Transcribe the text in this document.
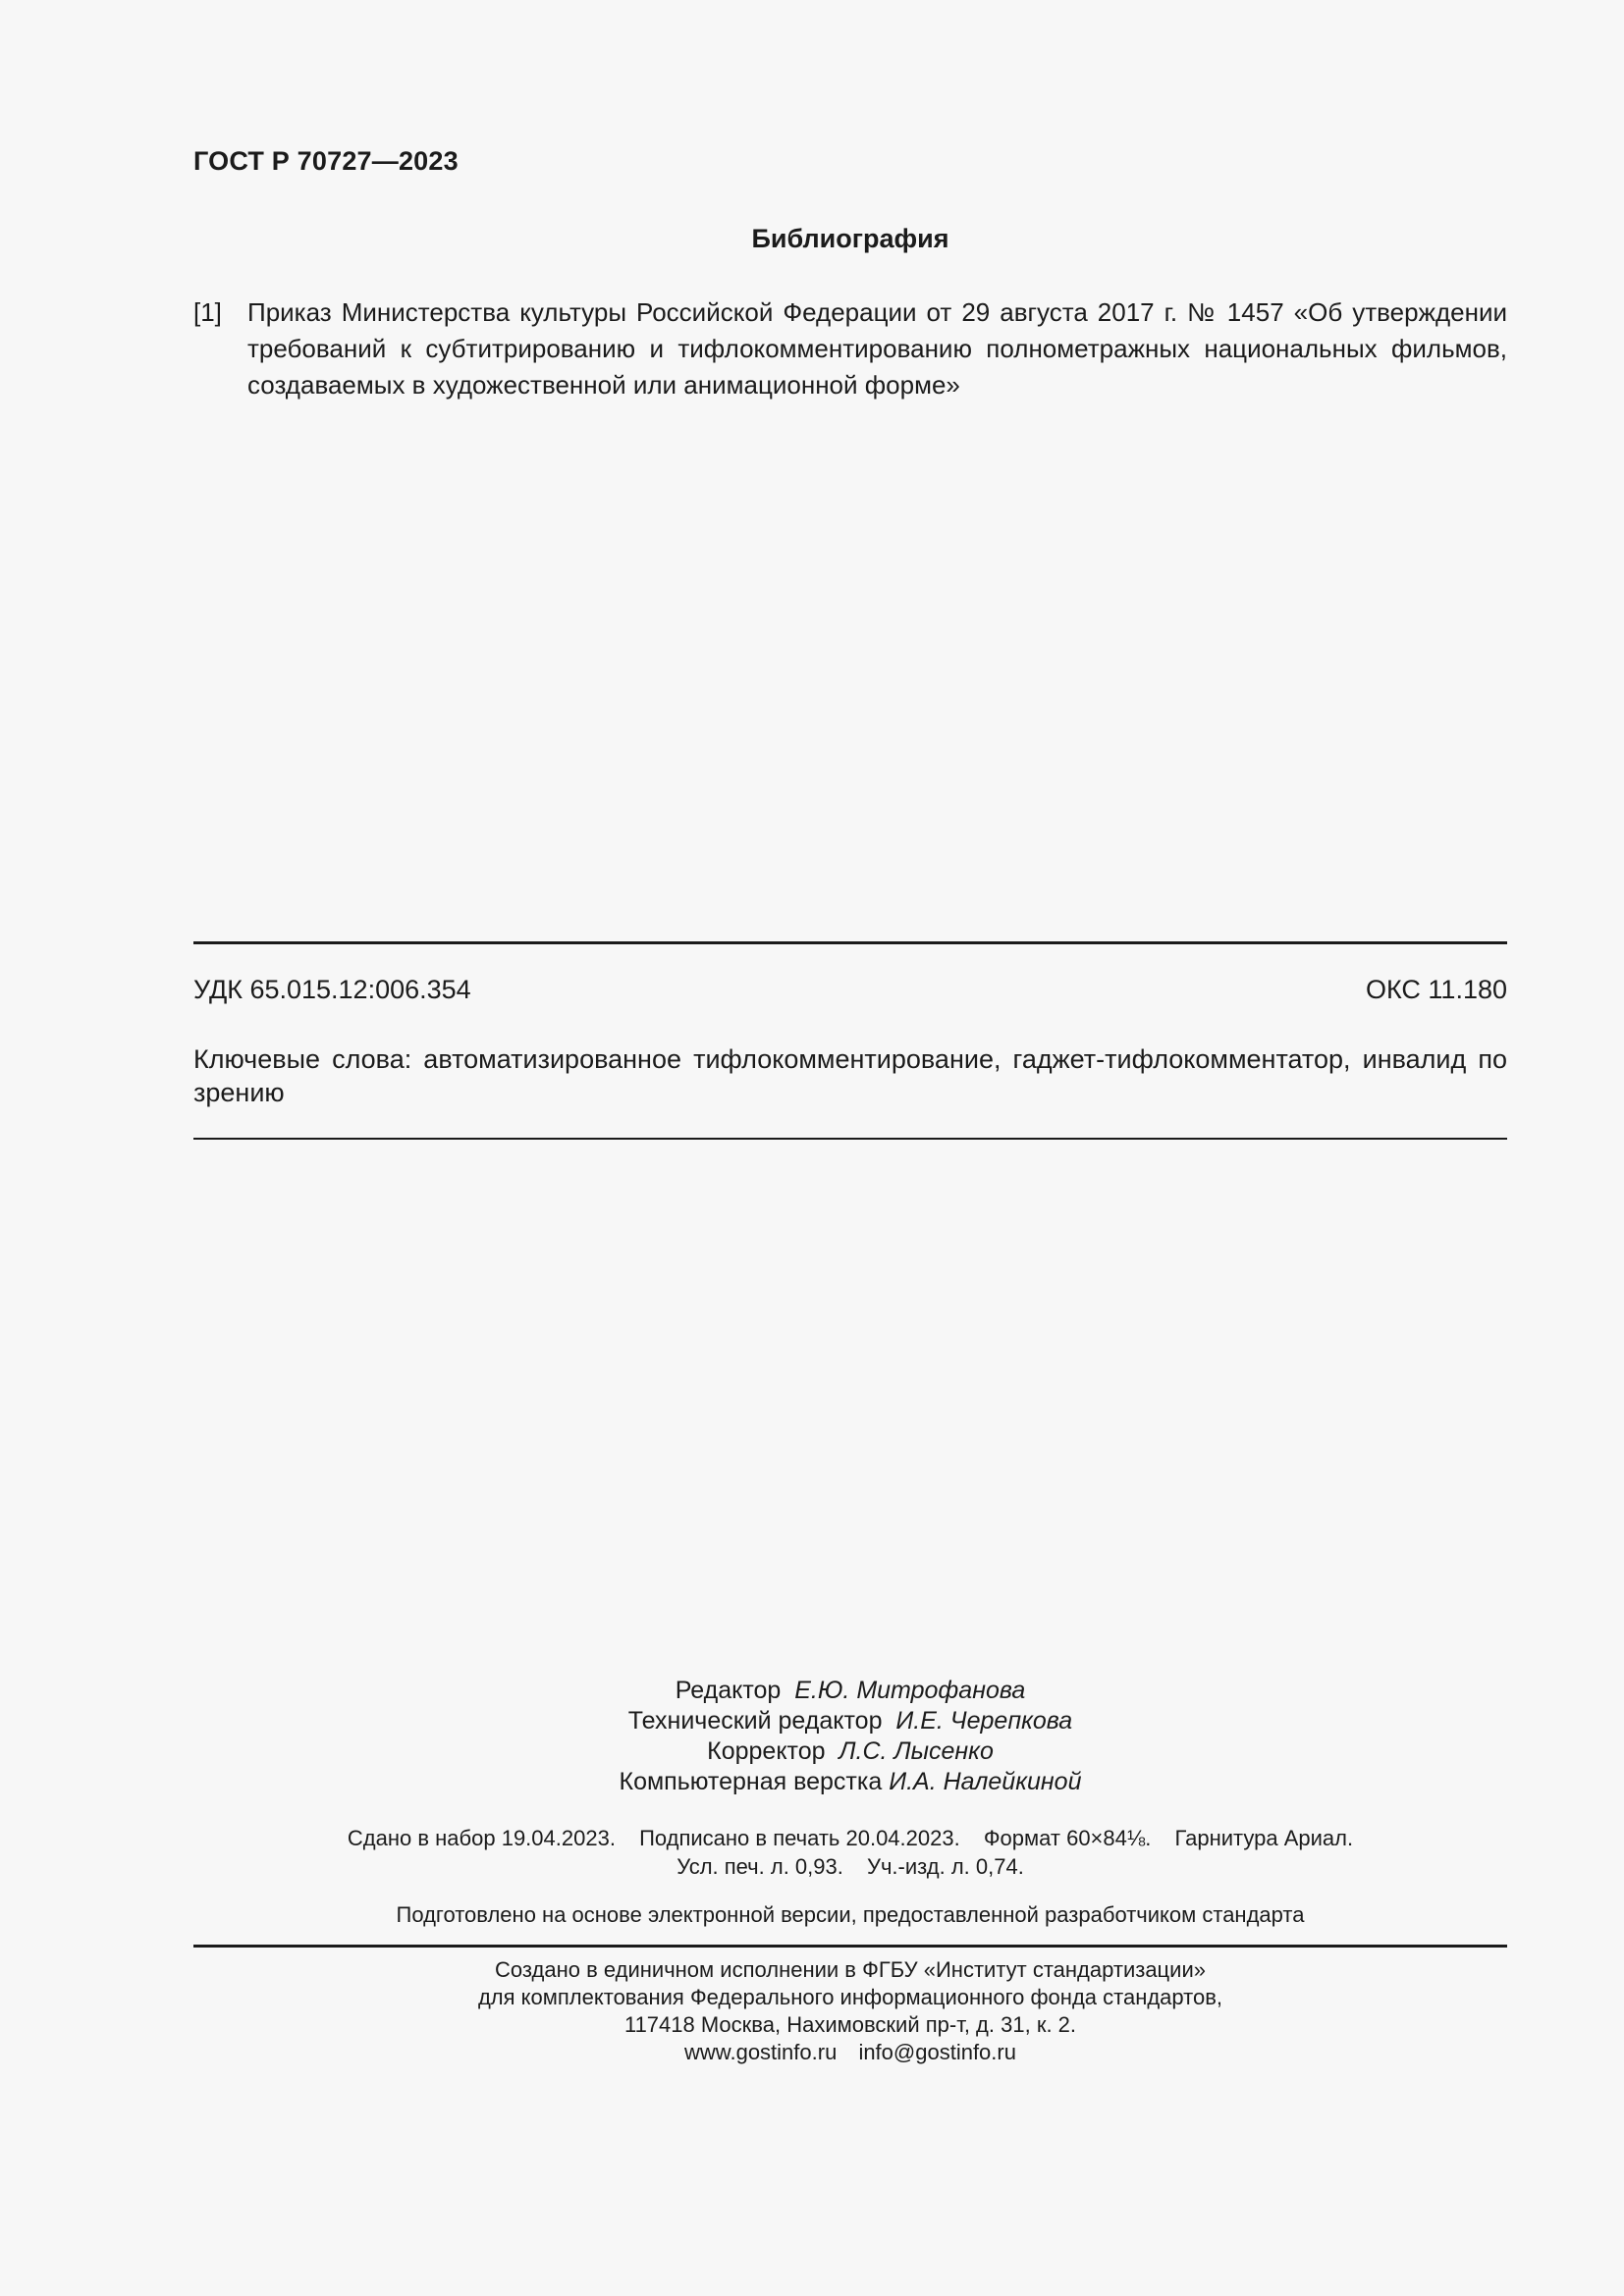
ГОСТ Р 70727—2023
Библиография
[1] Приказ Министерства культуры Российской Федерации от 29 августа 2017 г. № 1457 «Об утверждении требований к субтитрированию и тифлокомментированию полнометражных национальных фильмов, создаваемых в художественной или анимационной форме»
УДК 65.015.12:006.354	ОКС 11.180
Ключевые слова: автоматизированное тифлокомментирование, гаджет-тифлокомментатор, инвалид по зрению
Редактор Е.Ю. Митрофанова
Технический редактор И.Е. Черепкова
Корректор Л.С. Лысенко
Компьютерная верстка И.А. Налейкиной
Сдано в набор 19.04.2023. Подписано в печать 20.04.2023. Формат 60×84⅛. Гарнитура Ариал.
Усл. печ. л. 0,93. Уч.-изд. л. 0,74.
Подготовлено на основе электронной версии, предоставленной разработчиком стандарта
Создано в единичном исполнении в ФГБУ «Институт стандартизации»
для комплектования Федерального информационного фонда стандартов,
117418 Москва, Нахимовский пр-т, д. 31, к. 2.
www.gostinfo.ru info@gostinfo.ru
